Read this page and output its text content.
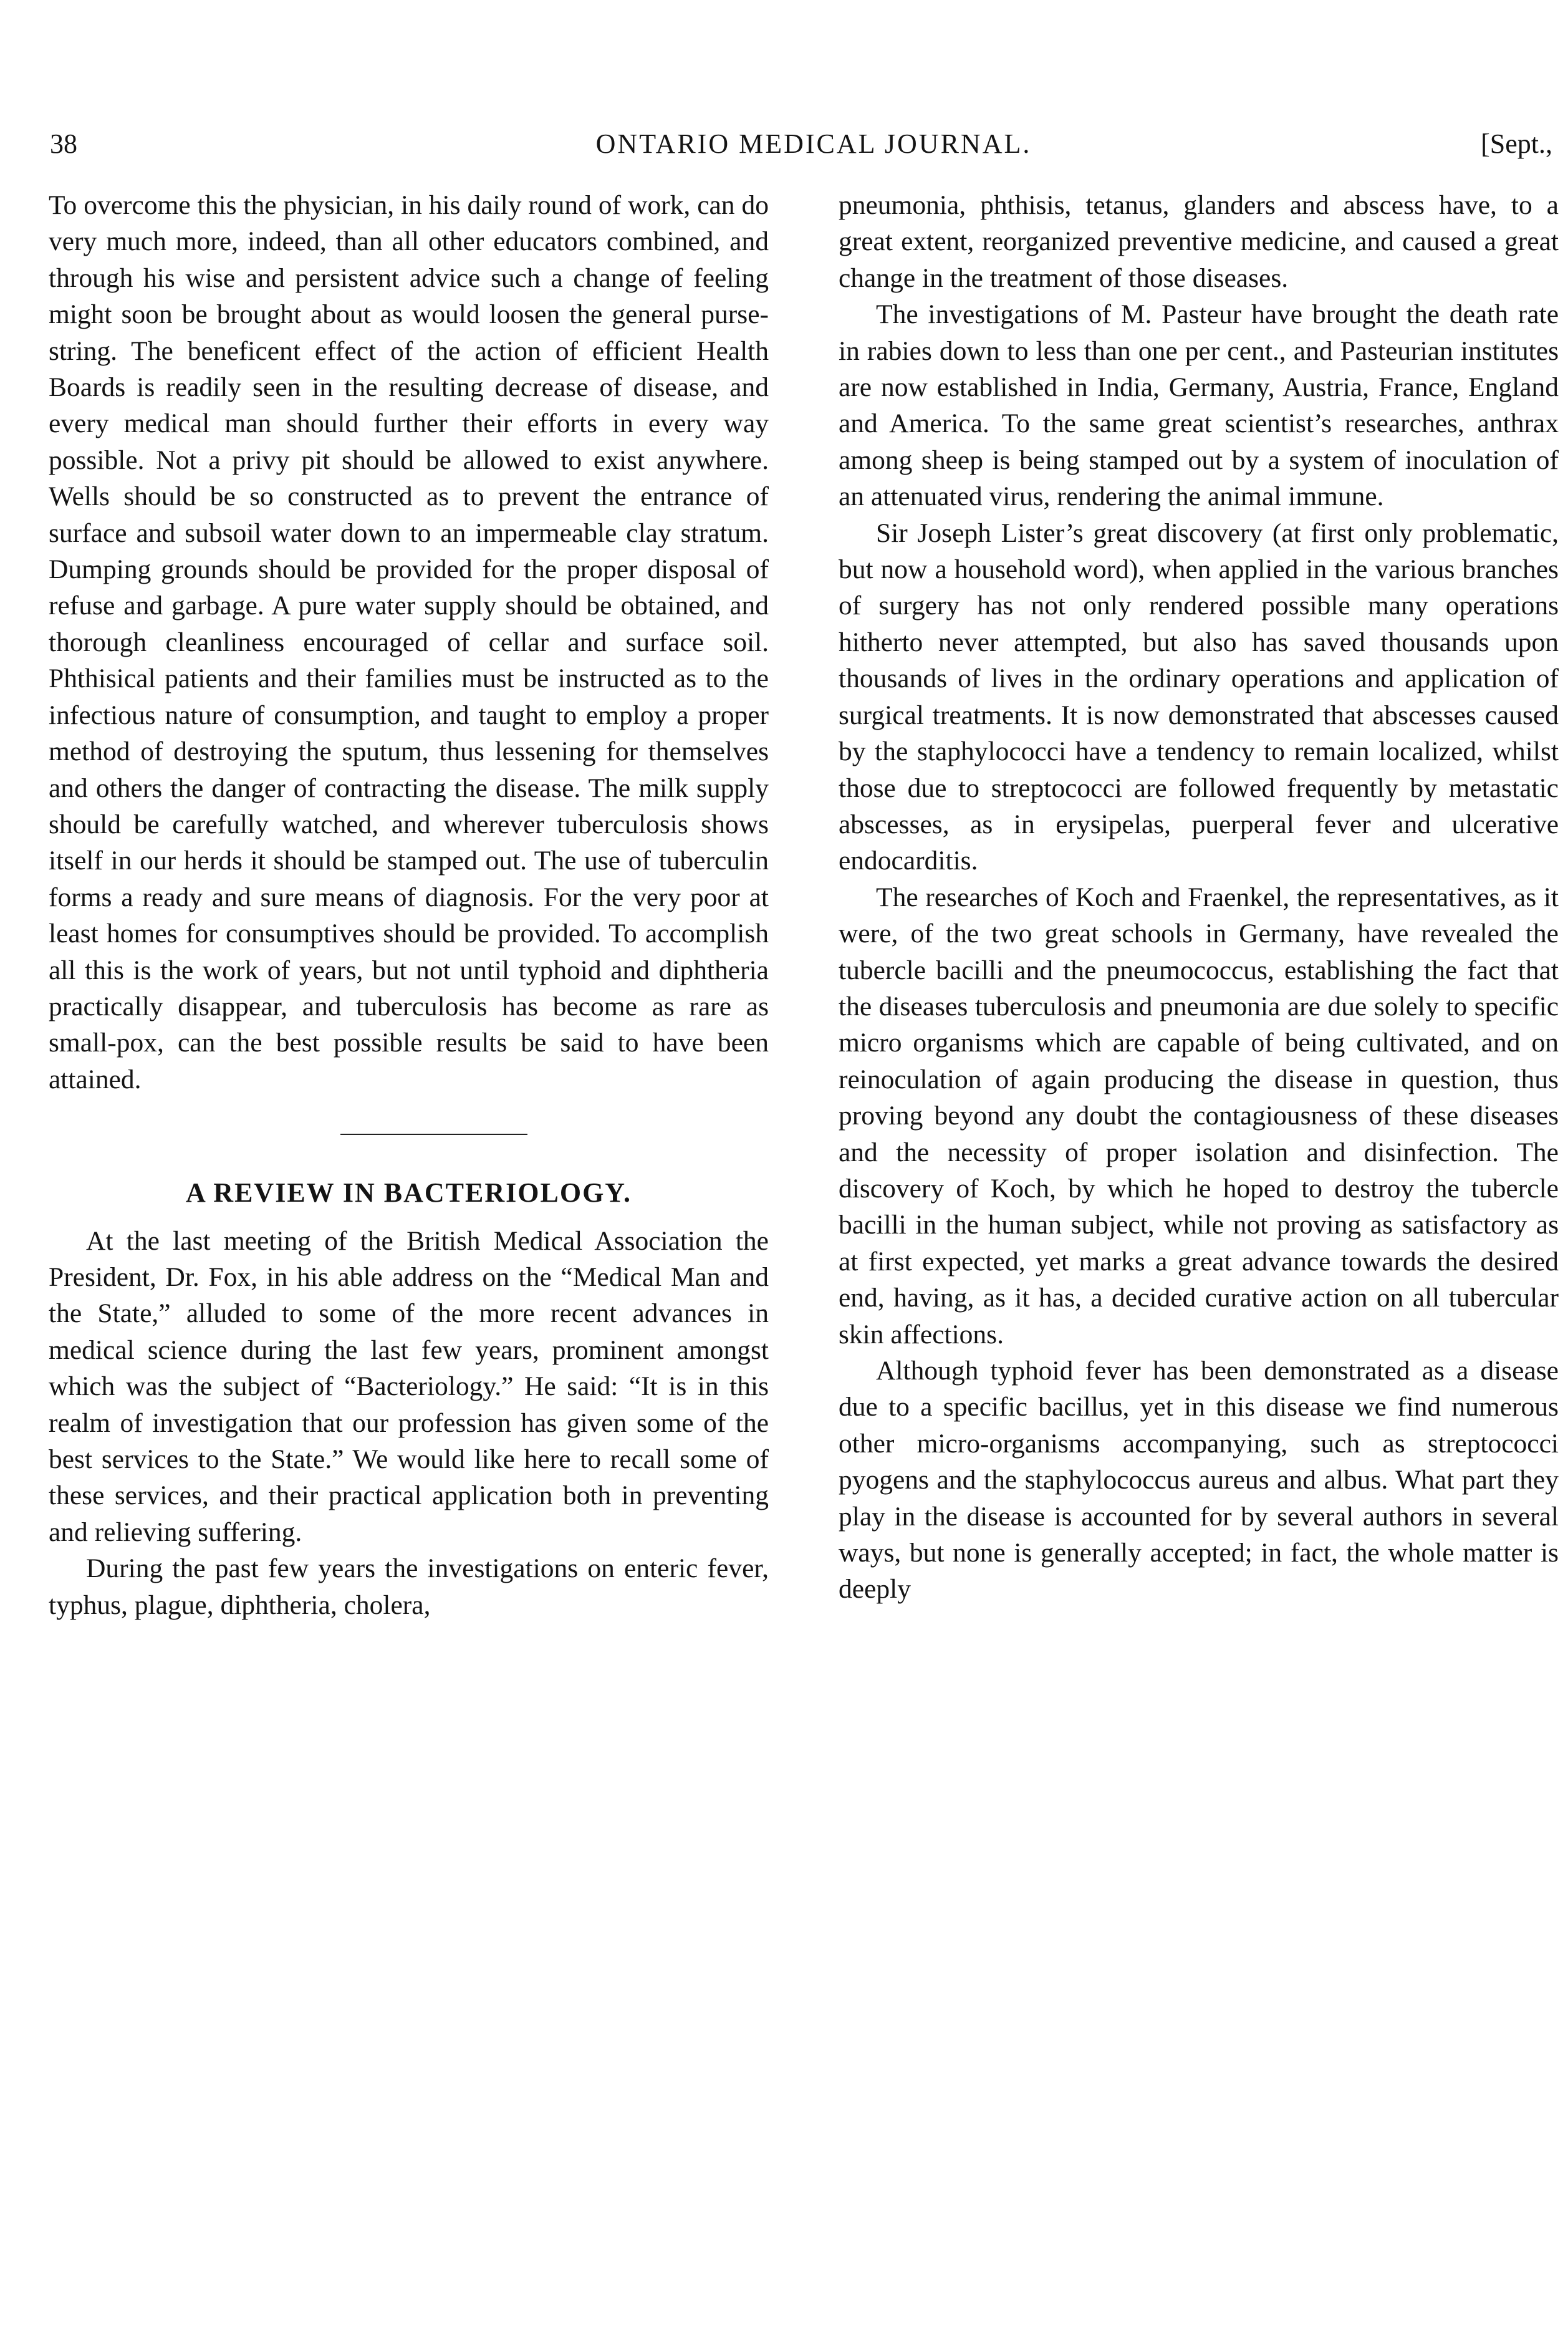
38	ONTARIO MEDICAL JOURNAL.	[Sept.,

To overcome this the physician, in his daily round of work, can do very much more, indeed, than all other educators combined, and through his wise and persistent advice such a change of feeling might soon be brought about as would loosen the general purse-string. The beneficent effect of the action of efficient Health Boards is readily seen in the resulting decrease of disease, and every medical man should further their efforts in every way possible. Not a privy pit should be allowed to exist anywhere. Wells should be so constructed as to prevent the entrance of surface and subsoil water down to an impermeable clay stratum. Dumping grounds should be provided for the proper disposal of refuse and garbage. A pure water supply should be obtained, and thorough cleanliness encouraged of cellar and surface soil. Phthisical patients and their families must be instructed as to the infectious nature of consumption, and taught to employ a proper method of destroying the sputum, thus lessening for themselves and others the danger of contracting the disease. The milk supply should be carefully watched, and wherever tuberculosis shows itself in our herds it should be stamped out. The use of tuberculin forms a ready and sure means of diagnosis. For the very poor at least homes for consumptives should be provided. To accomplish all this is the work of years, but not until typhoid and diphtheria practically disappear, and tuberculosis has become as rare as small-pox, can the best possible results be said to have been attained.

A REVIEW IN BACTERIOLOGY.

At the last meeting of the British Medical Association the President, Dr. Fox, in his able address on the “Medical Man and the State,” alluded to some of the more recent advances in medical science during the last few years, prominent amongst which was the subject of “Bacteriology.” He said: “It is in this realm of investigation that our profession has given some of the best services to the State.” We would like here to recall some of these services, and their practical application both in preventing and relieving suffering.

During the past few years the investigations on enteric fever, typhus, plague, diphtheria, cholera,

pneumonia, phthisis, tetanus, glanders and abscess have, to a great extent, reorganized preventive medicine, and caused a great change in the treatment of those diseases.

The investigations of M. Pasteur have brought the death rate in rabies down to less than one per cent., and Pasteurian institutes are now established in India, Germany, Austria, France, England and America. To the same great scientist’s researches, anthrax among sheep is being stamped out by a system of inoculation of an attenuated virus, rendering the animal immune.

Sir Joseph Lister’s great discovery (at first only problematic, but now a household word), when applied in the various branches of surgery has not only rendered possible many operations hitherto never attempted, but also has saved thousands upon thousands of lives in the ordinary operations and application of surgical treatments. It is now demonstrated that abscesses caused by the staphylococci have a tendency to remain localized, whilst those due to streptococci are followed frequently by metastatic abscesses, as in erysipelas, puerperal fever and ulcerative endocarditis.

The researches of Koch and Fraenkel, the representatives, as it were, of the two great schools in Germany, have revealed the tubercle bacilli and the pneumococcus, establishing the fact that the diseases tuberculosis and pneumonia are due solely to specific micro organisms which are capable of being cultivated, and on reinoculation of again producing the disease in question, thus proving beyond any doubt the contagiousness of these diseases and the necessity of proper isolation and disinfection. The discovery of Koch, by which he hoped to destroy the tubercle bacilli in the human subject, while not proving as satisfactory as at first expected, yet marks a great advance towards the desired end, having, as it has, a decided curative action on all tubercular skin affections.

Although typhoid fever has been demonstrated as a disease due to a specific bacillus, yet in this disease we find numerous other micro-organisms accompanying, such as streptococci pyogens and the staphylococcus aureus and albus. What part they play in the disease is accounted for by several authors in several ways, but none is generally accepted; in fact, the whole matter is deeply
